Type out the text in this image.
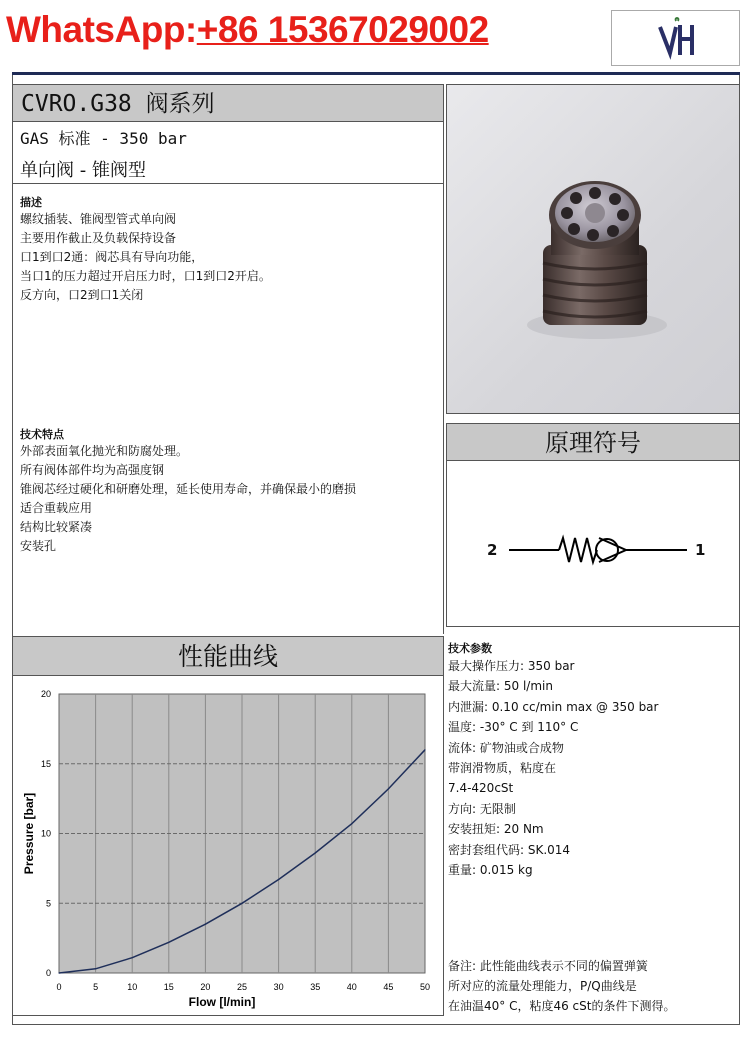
WhatsApp:+86 15367029002	VH
CVRO.G38 阀系列
GAS 标准 - 350 bar
单向阀 - 锥阀型
描述
螺纹插装、锥阀型管式单向阀
主要用作截止及负载保持设备
口1到口2通：阀芯具有导向功能，
当口1的压力超过开启压力时，口1到口2开启。
反方向，口2到口1关闭
技术特点
外部表面氧化抛光和防腐处理。
所有阀体部件均为高强度钢
锥阀芯经过硬化和研磨处理，延长使用寿命，并确保最小的磨损
适合重载应用
结构比较紧凑
安装孔
原理符号
2	1
性能曲线
0	5	10	15	20	25	30	35	40	45	50
0
5
10
15
20
Flow [l/min]
Pressure [bar]
技术参数
最大操作压力: 350 bar
最大流量: 50 l/min
内泄漏: 0.10 cc/min max @ 350 bar
温度: -30° C 到 110° C
流体: 矿物油或合成物
带润滑物质，粘度在
7.4-420cSt
方向: 无限制
安装扭矩: 20 Nm
密封套组代码: SK.014
重量: 0.015 kg
备注: 此性能曲线表示不同的偏置弹簧
所对应的流量处理能力，P/Q曲线是
在油温40° C，粘度46 cSt的条件下测得。
